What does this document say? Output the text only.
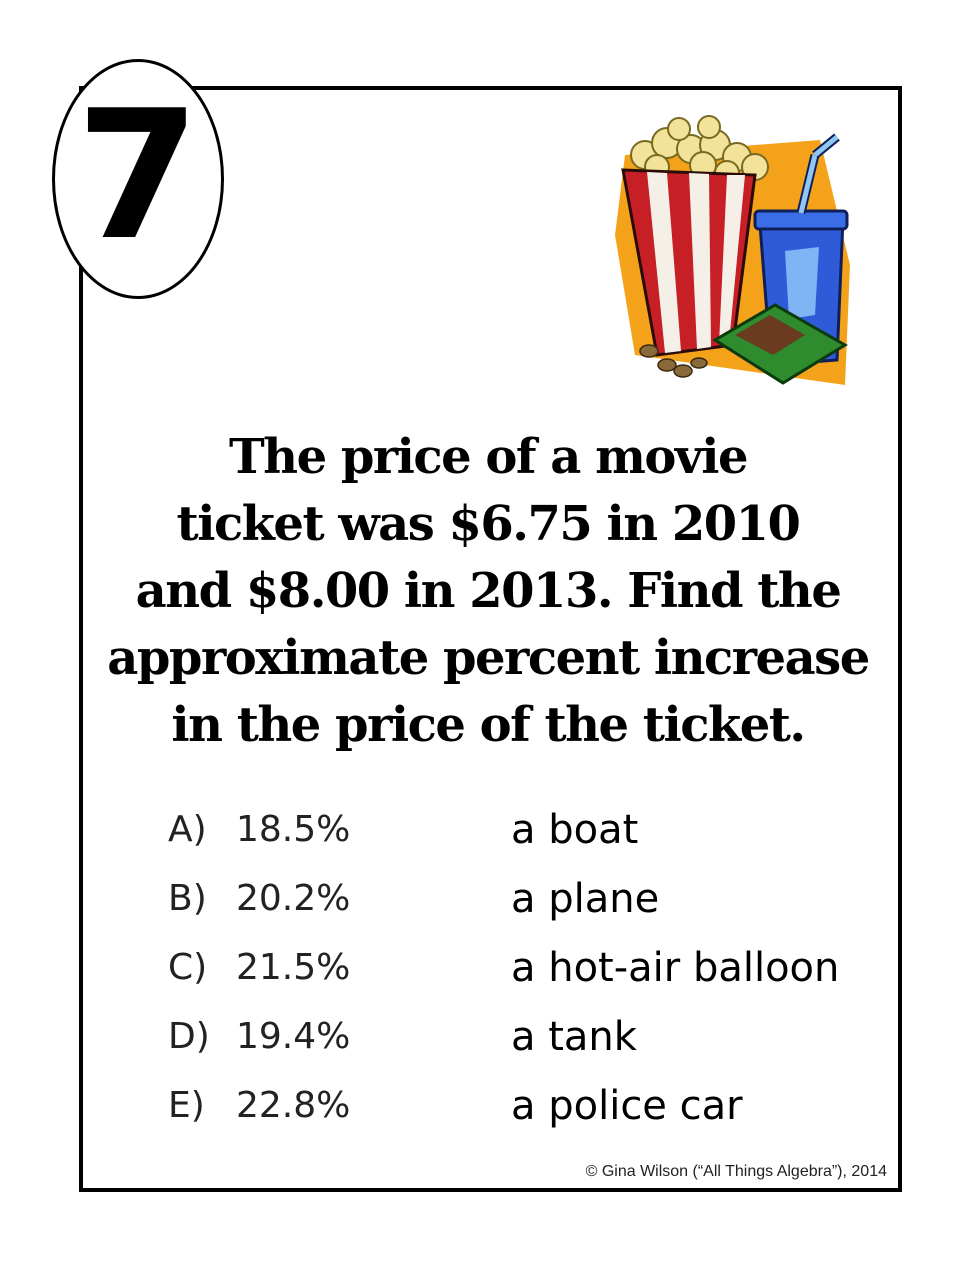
7
The price of a movie
ticket was $6.75 in 2010
and $8.00 in 2013. Find the
approximate percent increase
in the price of the ticket.
A) 18.5%	a boat
B) 20.2%	a plane
C) 21.5%	a hot-air balloon
D) 19.4%	a tank
E) 22.8%	a police car
© Gina Wilson (“All Things Algebra”), 2014
